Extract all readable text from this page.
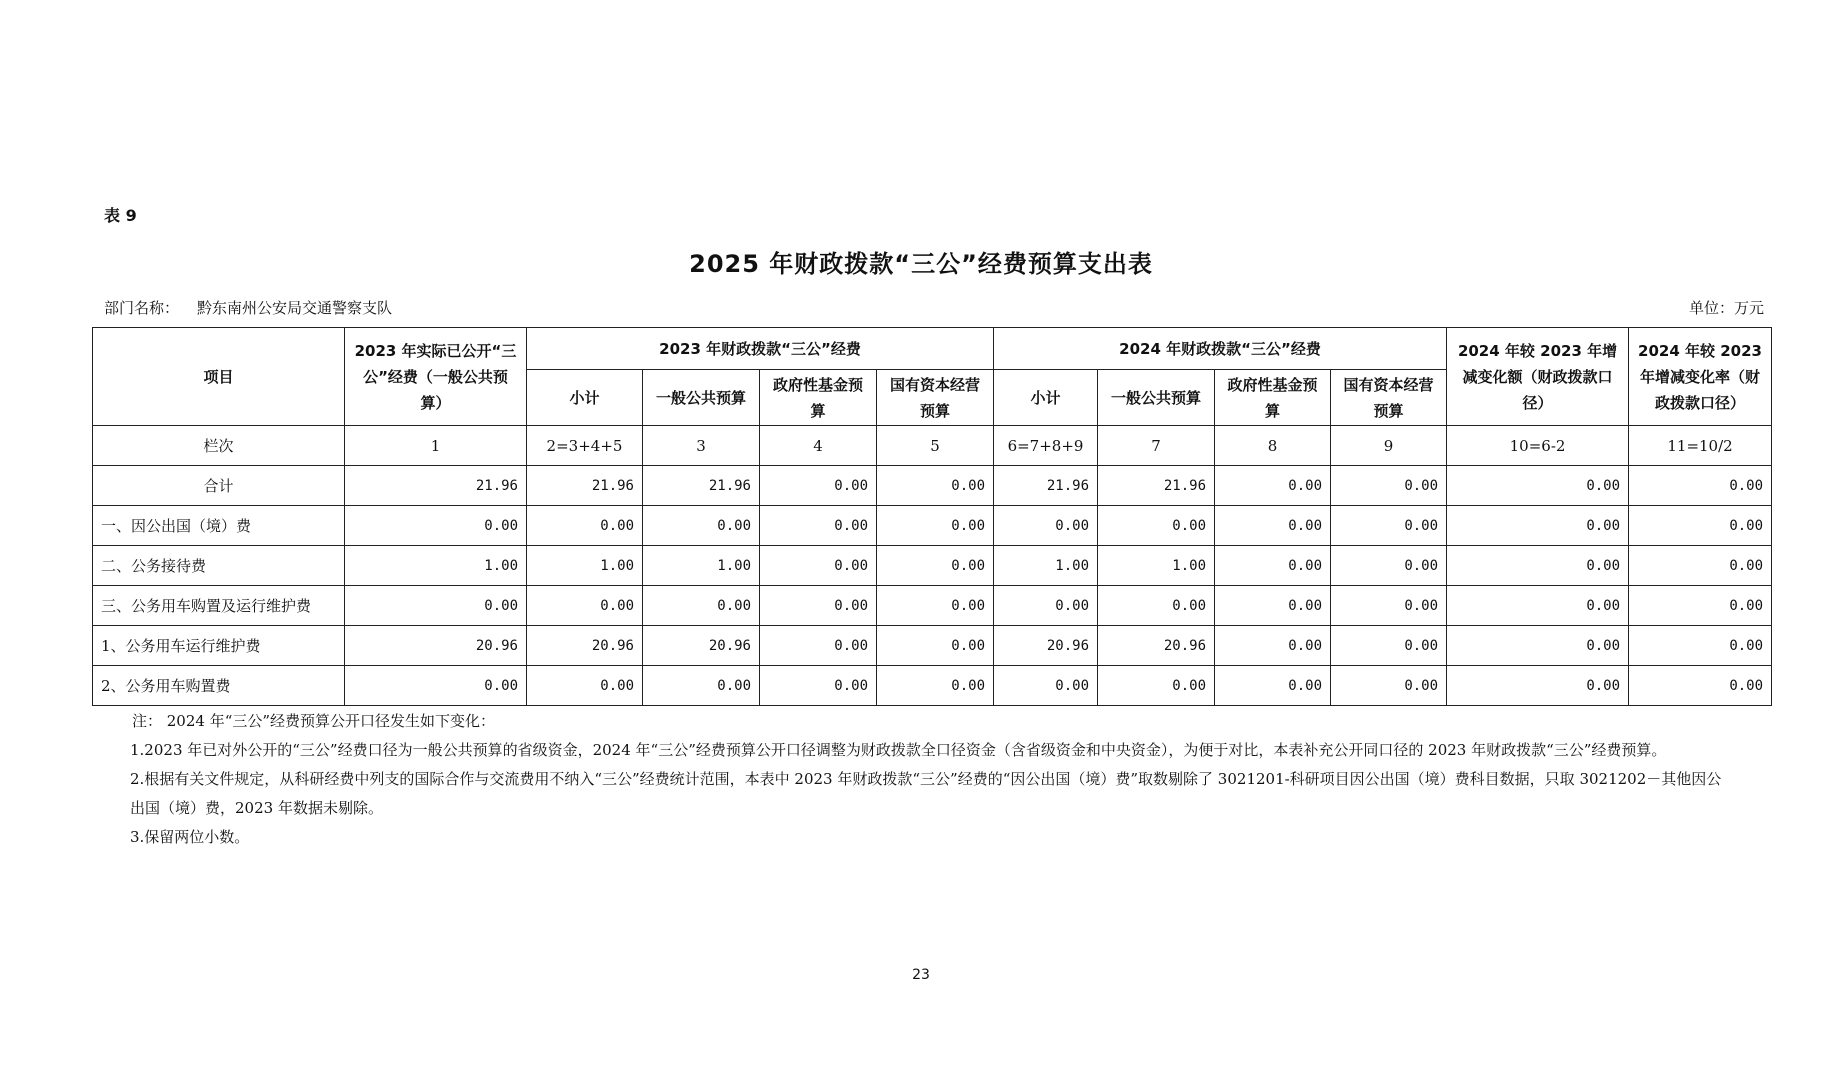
表 9
2025 年财政拨款“三公”经费预算支出表
部门名称： 黔东南州公安局交通警察支队	单位：万元
项目	2023 年实际已公开“三公”经费（一般公共预算）	2023 年财政拨款“三公”经费				2024 年财政拨款“三公”经费				2024 年较 2023 年增减变化额（财政拨款口径）	2024 年较 2023 年增减变化率（财政拨款口径）
		小计	一般公共预算	政府性基金预算	国有资本经营预算	小计	一般公共预算	政府性基金预算	国有资本经营预算		
栏次	1	2=3+4+5	3	4	5	6=7+8+9	7	8	9	10=6-2	11=10/2
合计	21.96	21.96	21.96	0.00	0.00	21.96	21.96	0.00	0.00	0.00	0.00
一、因公出国（境）费	0.00	0.00	0.00	0.00	0.00	0.00	0.00	0.00	0.00	0.00	0.00
二、公务接待费	1.00	1.00	1.00	0.00	0.00	1.00	1.00	0.00	0.00	0.00	0.00
三、公务用车购置及运行维护费	0.00	0.00	0.00	0.00	0.00	0.00	0.00	0.00	0.00	0.00	0.00
1、公务用车运行维护费	20.96	20.96	20.96	0.00	0.00	20.96	20.96	0.00	0.00	0.00	0.00
2、公务用车购置费	0.00	0.00	0.00	0.00	0.00	0.00	0.00	0.00	0.00	0.00	0.00

注： 2024 年“三公”经费预算公开口径发生如下变化：

1.2023 年已对外公开的“三公”经费口径为一般公共预算的省级资金，2024 年“三公”经费预算公开口径调整为财政拨款全口径资金（含省级资金和中央资金），为便于对比，本表补充公开同口径的 2023 年财政拨款“三公”经费预算。

2.根据有关文件规定，从科研经费中列支的国际合作与交流费用不纳入“三公”经费统计范围，本表中 2023 年财政拨款“三公”经费的“因公出国（境）费”取数剔除了 3021201-科研项目因公出国（境）费科目数据，只取 3021202－其他因公出国（境）费，2023 年数据未剔除。

3.保留两位小数。

23
